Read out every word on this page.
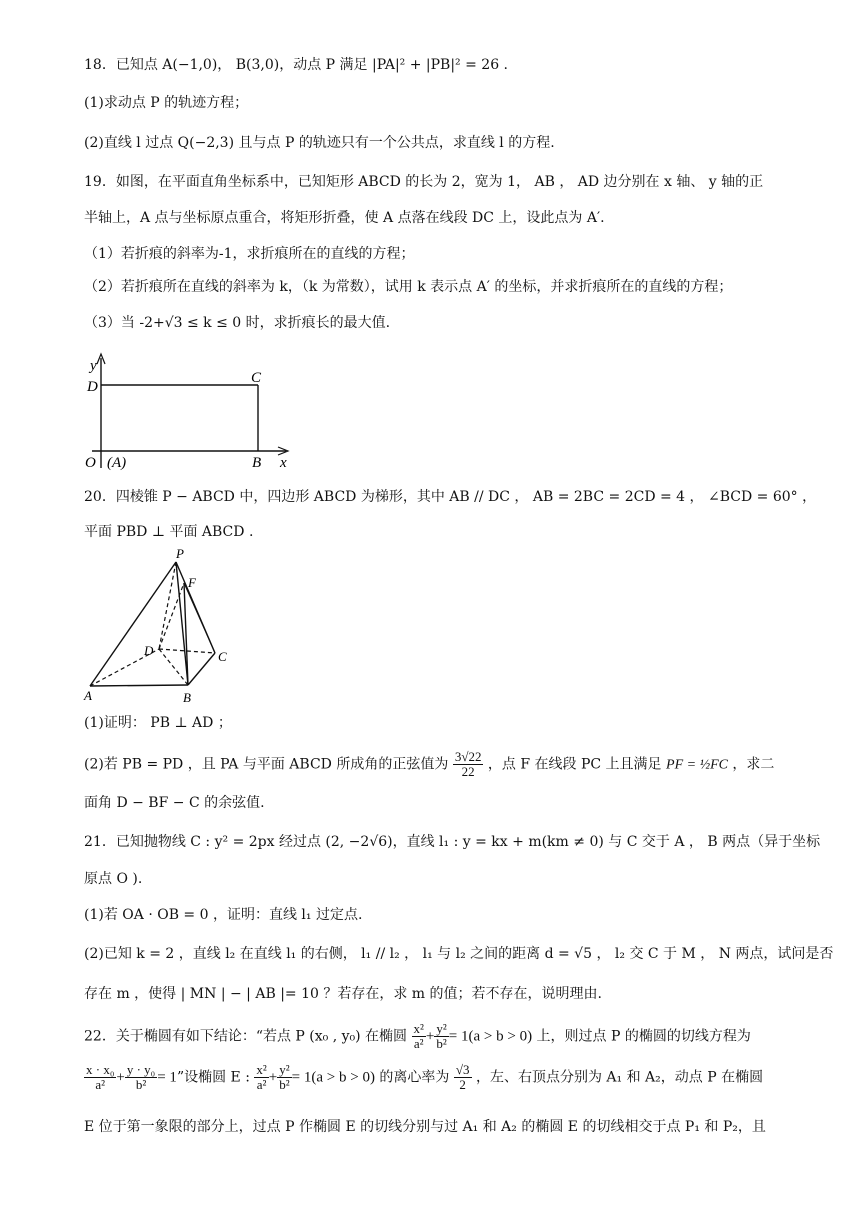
18．已知点 A(−1,0)， B(3,0)，动点 P 满足 |PA|² + |PB|² = 26 .
(1)求动点 P 的轨迹方程；
(2)直线 l 过点 Q(−2,3) 且与点 P 的轨迹只有一个公共点，求直线 l 的方程.
19．如图，在平面直角坐标系中，已知矩形 ABCD 的长为 2，宽为 1， AB ， AD 边分别在 x 轴、 y 轴的正
半轴上，A 点与坐标原点重合，将矩形折叠，使 A 点落在线段 DC 上，设此点为 A′.
（1）若折痕的斜率为-1，求折痕所在的直线的方程；
（2）若折痕所在直线的斜率为 k，（k 为常数），试用 k 表示点 A′ 的坐标，并求折痕所在的直线的方程；
（3）当 -2+√3 ≤ k ≤ 0 时，求折痕长的最大值.
y
D
C
O (A)	B x
20．四棱锥 P − ABCD 中，四边形 ABCD 为梯形，其中 AB // DC ， AB = 2BC = 2CD = 4 ， ∠BCD = 60° ，
平面 PBD ⊥ 平面 ABCD .
P
F
D	C
A	B
(1)证明： PB ⊥ AD ；
(2)若 PB = PD ，且 PA 与平面 ABCD 所成角的正弦值为 $\frac{3√22}{22}$ ，点 F 在线段 PC 上且满足 PF = ½FC ，求二
面角 D − BF − C 的余弦值.
21．已知抛物线 C : y² = 2px 经过点 (2, −2√6)，直线 l₁ : y = kx + m(km ≠ 0) 与 C 交于 A ， B 两点（异于坐标
原点 O ).
(1)若 OA · OB = 0 ，证明：直线 l₁ 过定点.
(2)已知 k = 2 ，直线 l₂ 在直线 l₁ 的右侧， l₁ // l₂ ， l₁ 与 l₂ 之间的距离 d = √5 ， l₂ 交 C 于 M ， N 两点，试问是否
存在 m ，使得 | MN | − | AB |= 10 ？若存在，求 m 的值；若不存在，说明理由.
22．关于椭圆有如下结论：“若点 P (x₀ , y₀) 在椭圆 $\frac{\text{x²}}{\text{a²}} + \frac{\text{y²}}{\text{b²}} = 1(a > b > 0)$ 上，则过点 P 的椭圆的切线方程为
$\frac{\text{x · x₀}}{\text{a²}} + \frac{\text{y · y₀}}{\text{b²}} = 1$”设椭圆 E : $\frac{\text{x²}}{\text{a²}} + \frac{\text{y²}}{\text{b²}} = 1(a > b > 0)$ 的离心率为 $\frac{√3}{2}$ ，左、右顶点分别为 A₁ 和 A₂，动点 P 在椭圆
E 位于第一象限的部分上，过点 P 作椭圆 E 的切线分别与过 A₁ 和 A₂ 的椭圆 E 的切线相交于点 P₁ 和 P₂，且
